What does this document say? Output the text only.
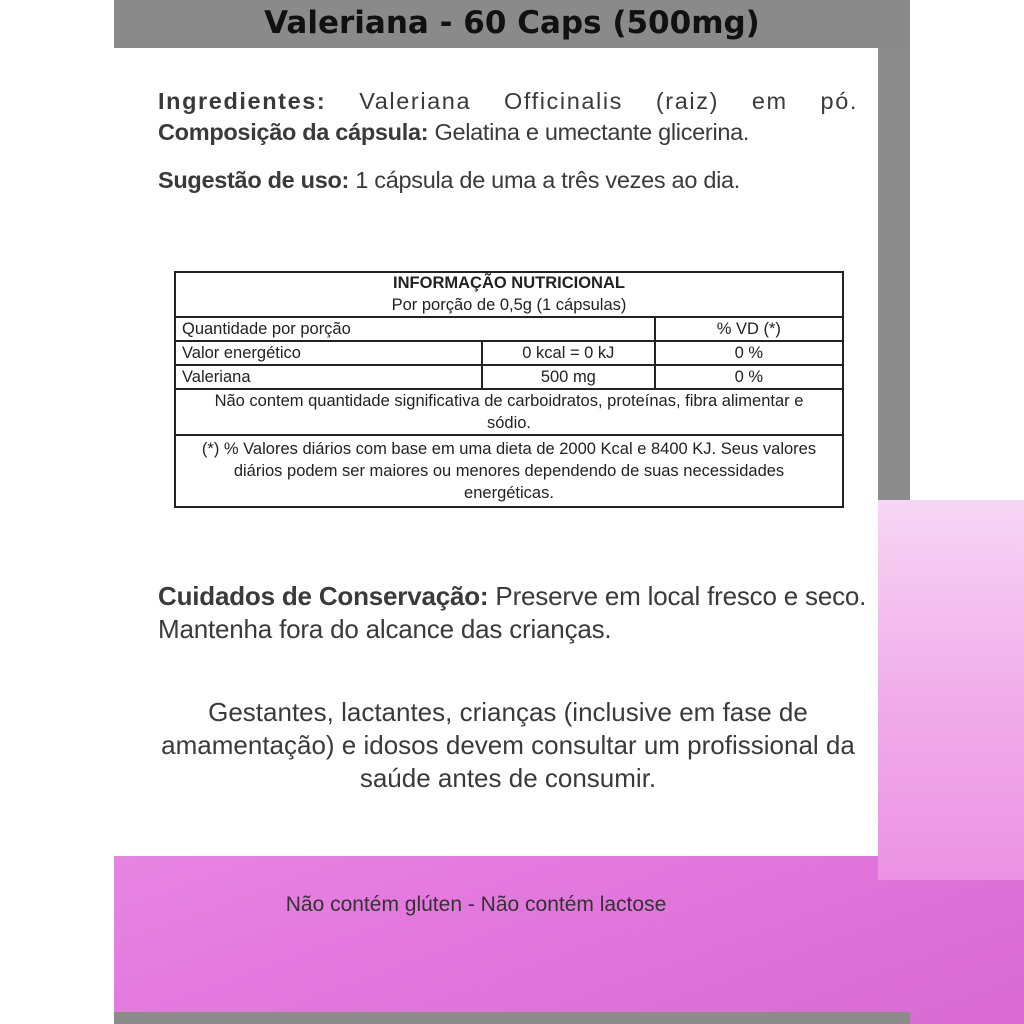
Valeriana - 60 Caps (500mg)
Ingredientes: Valeriana Officinalis (raiz) em pó.
Composição da cápsula: Gelatina e umectante glicerina.
Sugestão de uso: 1 cápsula de uma a três vezes ao dia.
INFORMAÇÃO NUTRICIONAL		
Por porção de 0,5g (1 cápsulas)		
Quantidade por porção		% VD (*)
Valor energético	0 kcal = 0 kJ	0 %
Valeriana	500 mg	0 %
Não contem quantidade significativa de carboidratos, proteínas, fibra alimentar e sódio.		
(*) % Valores diários com base em uma dieta de 2000 Kcal e 8400 KJ. Seus valores diários podem ser maiores ou menores dependendo de suas necessidades energéticas.		
Cuidados de Conservação: Preserve em local fresco e seco. Mantenha fora do alcance das crianças.
Gestantes, lactantes, crianças (inclusive em fase de amamentação) e idosos devem consultar um profissional da saúde antes de consumir.
Não contém glúten - Não contém lactose
